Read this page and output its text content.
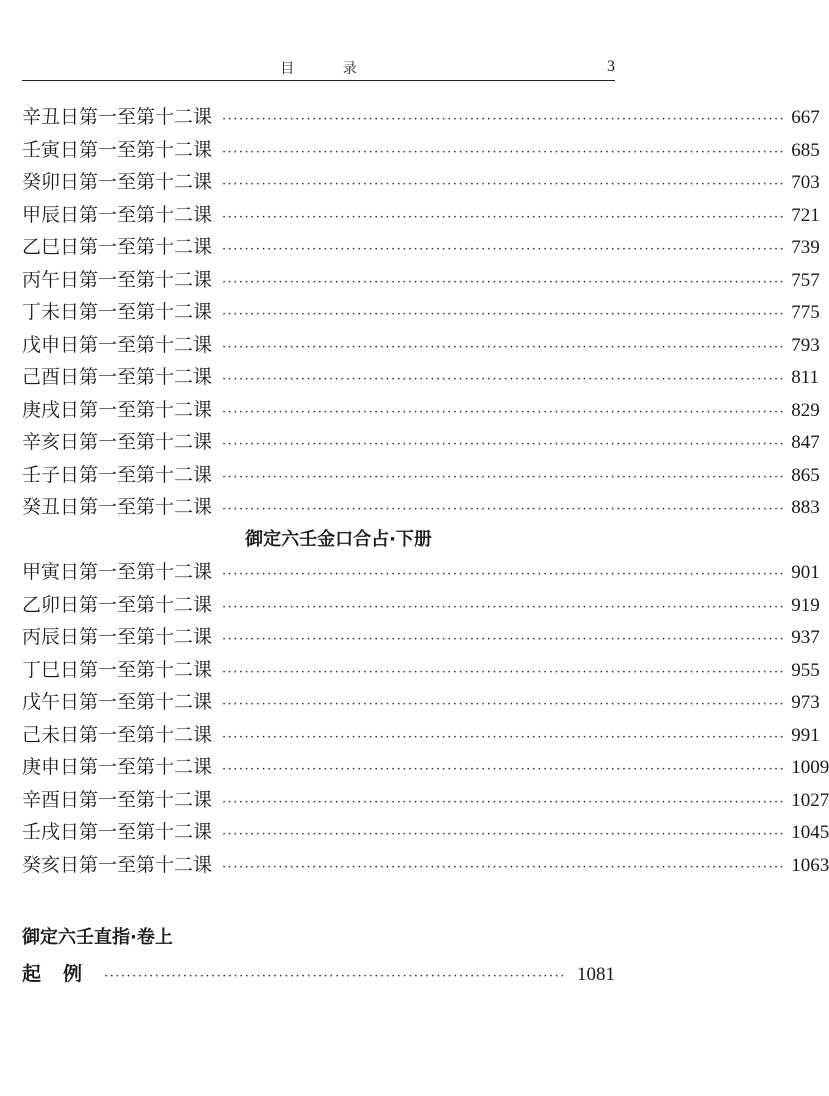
目 录	3
辛丑日第一至第十二课 ···································································································· 667
壬寅日第一至第十二课 ···································································································· 685
癸卯日第一至第十二课 ···································································································· 703
甲辰日第一至第十二课 ···································································································· 721
乙巳日第一至第十二课 ···································································································· 739
丙午日第一至第十二课 ···································································································· 757
丁未日第一至第十二课 ···································································································· 775
戊申日第一至第十二课 ···································································································· 793
己酉日第一至第十二课 ···································································································· 811
庚戌日第一至第十二课 ···································································································· 829
辛亥日第一至第十二课 ···································································································· 847
壬子日第一至第十二课 ···································································································· 865
癸丑日第一至第十二课 ···································································································· 883
御定六壬金口合占·下册
甲寅日第一至第十二课 ···································································································· 901
乙卯日第一至第十二课 ···································································································· 919
丙辰日第一至第十二课 ···································································································· 937
丁巳日第一至第十二课 ···································································································· 955
戊午日第一至第十二课 ···································································································· 973
己未日第一至第十二课 ···································································································· 991
庚申日第一至第十二课 ···································································································· 1009
辛酉日第一至第十二课 ···································································································· 1027
壬戌日第一至第十二课 ···································································································· 1045
癸亥日第一至第十二课 ···································································································· 1063
御定六壬直指·卷上
起例 ·················································································· 1081
